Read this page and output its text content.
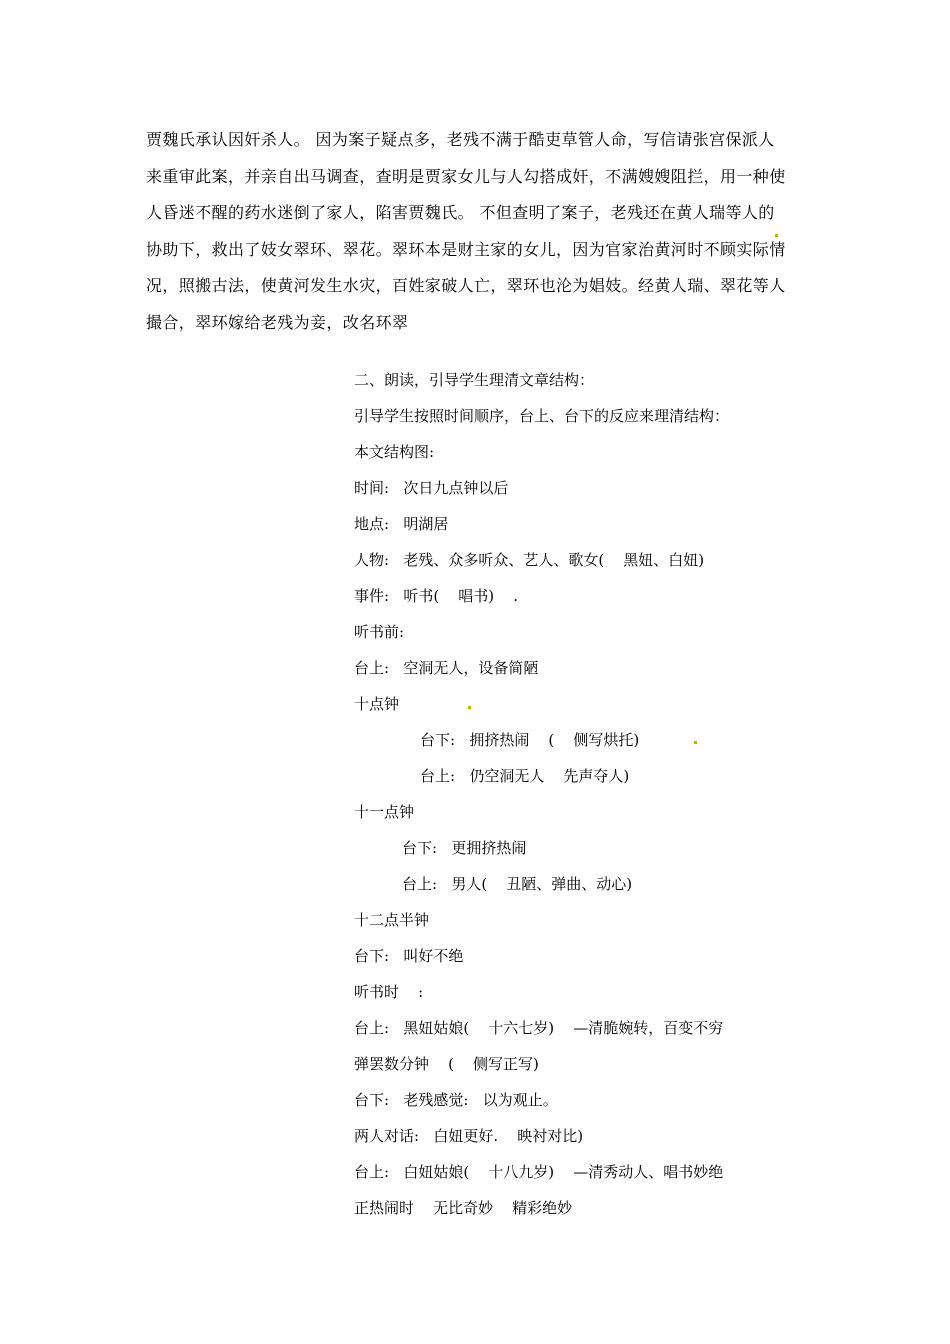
贾魏氏承认因奸杀人。 因为案子疑点多，老残不满于酷吏草管人命，写信请张宫保派人

来重审此案，并亲自出马调查，查明是贾家女儿与人勾搭成奸，不满嫂嫂阻拦，用一种使

人昏迷不醒的药水迷倒了家人，陷害贾魏氏。 不但查明了案子，老残还在黄人瑞等人的

协助下，救出了妓女翠环、翠花。翠环本是财主家的女儿，因为官家治黄河时不顾实际情

况，照搬古法，使黄河发生水灾，百姓家破人亡，翠环也沦为娼妓。经黄人瑞、翠花等人

撮合，翠环嫁给老残为妾，改名环翠

二、朗读，引导学生理清文章结构：
引导学生按照时间顺序，台上、台下的反应来理清结构：
本文结构图:
时间:   次日九点钟以后
地点:   明湖居
人物:   老残、众多听众、艺人、歌女(    黑妞、白妞)
事件:   听书(    唱书)    .
听书前:
台上:   空洞无人，设备简陋
十点钟
台下:   拥挤热闹    (    侧写烘托)
台上:   仍空洞无人    先声夺人)
十一点钟
台下:   更拥挤热闹
台上:   男人(    丑陋、弹曲、动心)
十二点半钟
台下:   叫好不绝
听书时    :
台上:   黑妞姑娘(    十六七岁)    —清脆婉转，百变不穷
弹罢数分钟    (    侧写正写)
台下:   老残感觉:   以为观止。
两人对话:   白妞更好.    映衬对比)
台上:   白妞姑娘(    十八九岁)    —清秀动人、唱书妙绝
正热闹时    无比奇妙    精彩绝妙
